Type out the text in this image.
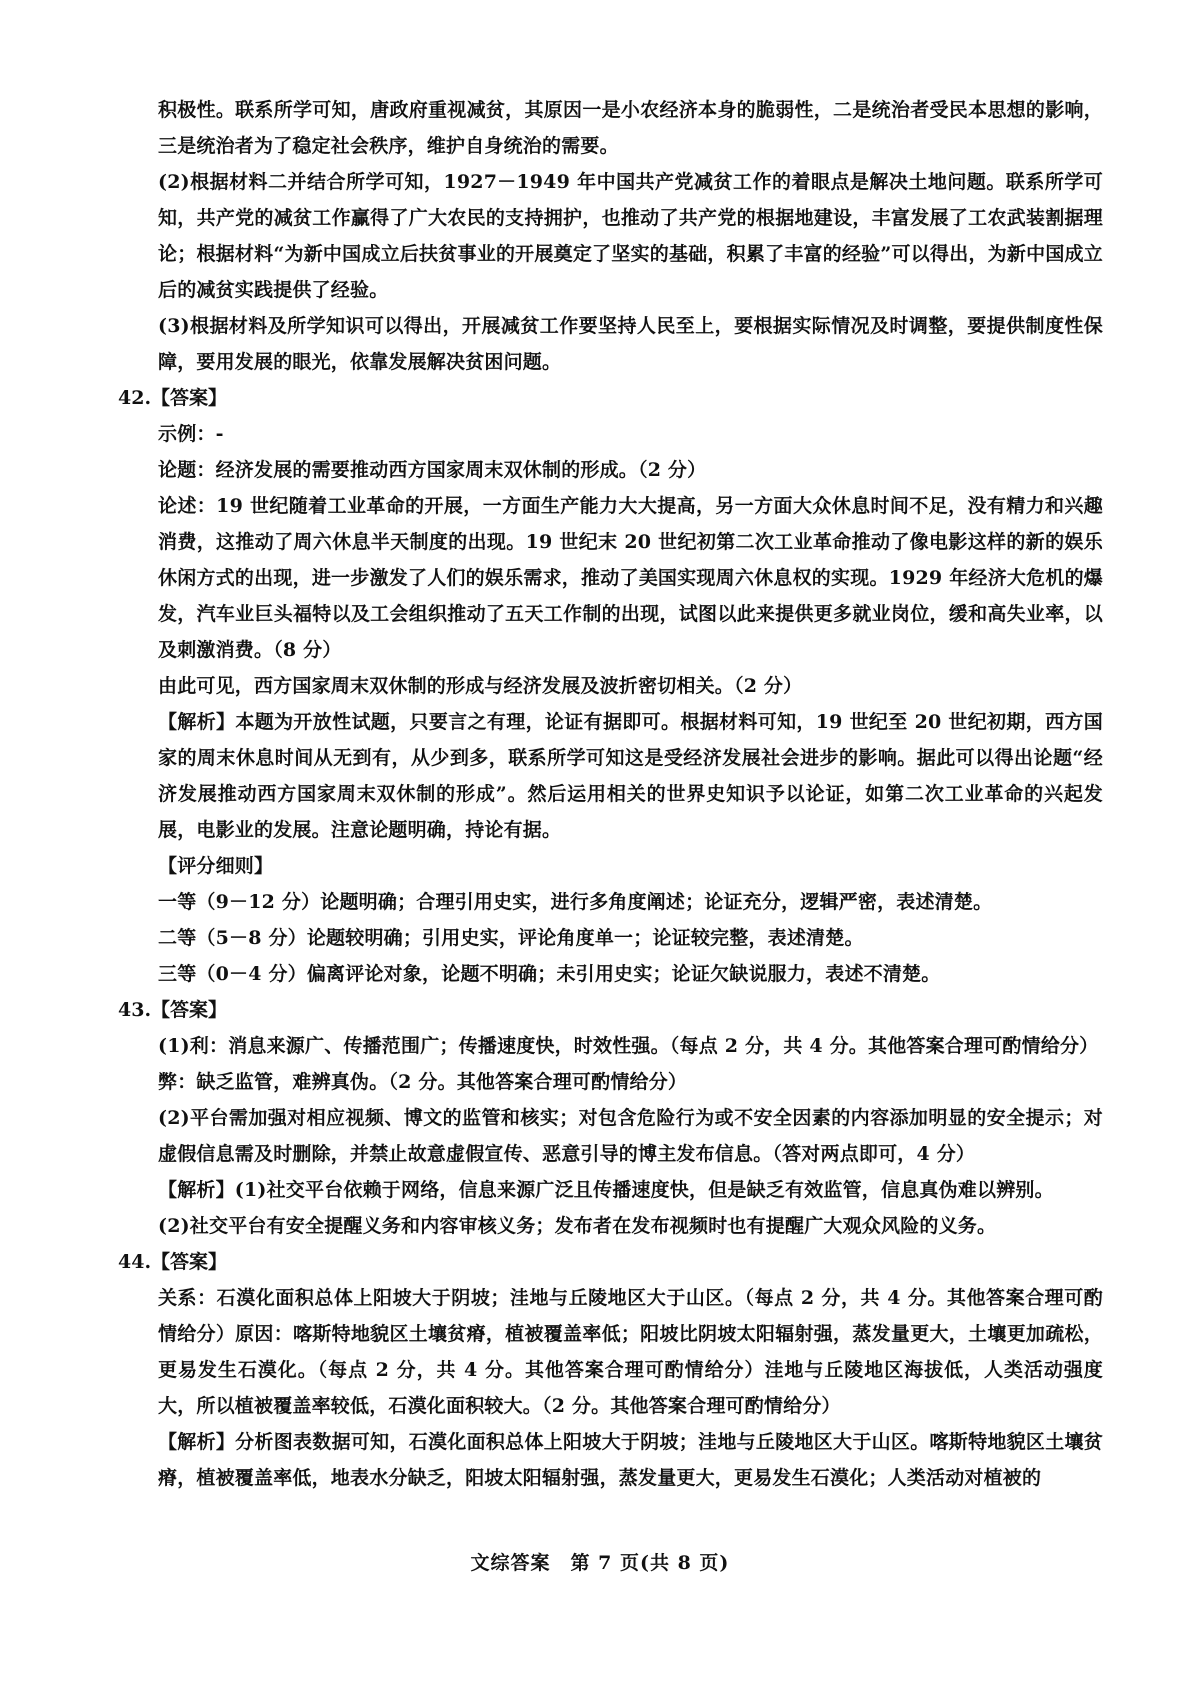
积极性。联系所学可知，唐政府重视减贫，其原因一是小农经济本身的脆弱性，二是统治者受民本思想的影响，三是统治者为了稳定社会秩序，维护自身统治的需要。

(2)根据材料二并结合所学可知，1927－1949 年中国共产党减贫工作的着眼点是解决土地问题。联系所学可知，共产党的减贫工作赢得了广大农民的支持拥护，也推动了共产党的根据地建设，丰富发展了工农武装割据理论；根据材料“为新中国成立后扶贫事业的开展奠定了坚实的基础，积累了丰富的经验”可以得出，为新中国成立后的减贫实践提供了经验。

(3)根据材料及所学知识可以得出，开展减贫工作要坚持人民至上，要根据实际情况及时调整，要提供制度性保障，要用发展的眼光，依靠发展解决贫困问题。

42.【答案】

示例：-

论题：经济发展的需要推动西方国家周末双休制的形成。（2 分）

论述：19 世纪随着工业革命的开展，一方面生产能力大大提高，另一方面大众休息时间不足，没有精力和兴趣消费，这推动了周六休息半天制度的出现。19 世纪末 20 世纪初第二次工业革命推动了像电影这样的新的娱乐休闲方式的出现，进一步激发了人们的娱乐需求，推动了美国实现周六休息权的实现。1929 年经济大危机的爆发，汽车业巨头福特以及工会组织推动了五天工作制的出现，试图以此来提供更多就业岗位，缓和高失业率，以及刺激消费。（8 分）

由此可见，西方国家周末双休制的形成与经济发展及波折密切相关。（2 分）

【解析】本题为开放性试题，只要言之有理，论证有据即可。根据材料可知，19 世纪至 20 世纪初期，西方国家的周末休息时间从无到有，从少到多，联系所学可知这是受经济发展社会进步的影响。据此可以得出论题“经济发展推动西方国家周末双休制的形成”。然后运用相关的世界史知识予以论证，如第二次工业革命的兴起发展，电影业的发展。注意论题明确，持论有据。

【评分细则】

一等（9－12 分）论题明确；合理引用史实，进行多角度阐述；论证充分，逻辑严密，表述清楚。

二等（5－8 分）论题较明确；引用史实，评论角度单一；论证较完整，表述清楚。

三等（0－4 分）偏离评论对象，论题不明确；未引用史实；论证欠缺说服力，表述不清楚。

43.【答案】

(1)利：消息来源广、传播范围广；传播速度快，时效性强。（每点 2 分，共 4 分。其他答案合理可酌情给分）

弊：缺乏监管，难辨真伪。（2 分。其他答案合理可酌情给分）

(2)平台需加强对相应视频、博文的监管和核实；对包含危险行为或不安全因素的内容添加明显的安全提示；对虚假信息需及时删除，并禁止故意虚假宣传、恶意引导的博主发布信息。（答对两点即可，4 分）

【解析】(1)社交平台依赖于网络，信息来源广泛且传播速度快，但是缺乏有效监管，信息真伪难以辨别。

(2)社交平台有安全提醒义务和内容审核义务；发布者在发布视频时也有提醒广大观众风险的义务。

44.【答案】

关系：石漠化面积总体上阳坡大于阴坡；洼地与丘陵地区大于山区。（每点 2 分，共 4 分。其他答案合理可酌情给分）原因：喀斯特地貌区土壤贫瘠，植被覆盖率低；阳坡比阴坡太阳辐射强，蒸发量更大，土壤更加疏松，更易发生石漠化。（每点 2 分，共 4 分。其他答案合理可酌情给分）洼地与丘陵地区海拔低，人类活动强度大，所以植被覆盖率较低，石漠化面积较大。（2 分。其他答案合理可酌情给分）

【解析】分析图表数据可知，石漠化面积总体上阳坡大于阴坡；洼地与丘陵地区大于山区。喀斯特地貌区土壤贫瘠，植被覆盖率低，地表水分缺乏，阳坡太阳辐射强，蒸发量更大，更易发生石漠化；人类活动对植被的

文综答案　第 7 页(共 8 页)
